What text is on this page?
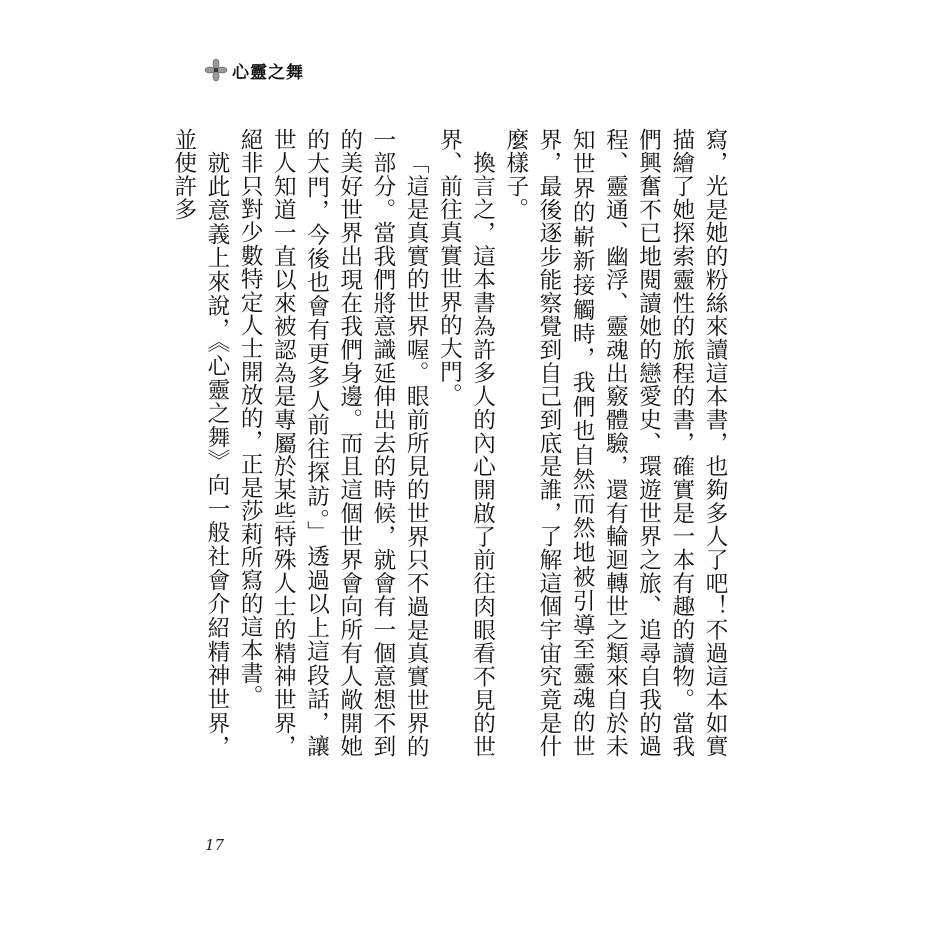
心靈之舞

寫，光是她的粉絲來讀這本書，也夠多人了吧！不過這本如實描繪了她探索靈性的旅程的書，確實是一本有趣的讀物。當我們興奮不已地閱讀她的戀愛史、環遊世界之旅、追尋自我的過程、靈通、幽浮、靈魂出竅體驗，還有輪迴轉世之類來自於未知世界的嶄新接觸時，我們也自然而然地被引導至靈魂的世界，最後逐步能察覺到自己到底是誰，了解這個宇宙究竟是什麼樣子。

換言之，這本書為許多人的內心開啟了前往肉眼看不見的世界、前往真實世界的大門。

「這是真實的世界喔。眼前所見的世界只不過是真實世界的一部分。當我們將意識延伸出去的時候，就會有一個意想不到的美好世界出現在我們身邊。而且這個世界會向所有人敞開她的大門，今後也會有更多人前往探訪。」透過以上這段話，讓世人知道一直以來被認為是專屬於某些特殊人士的精神世界，絕非只對少數特定人士開放的，正是莎莉所寫的這本書。

就此意義上來說，《心靈之舞》向一般社會介紹精神世界，並使許多

17
